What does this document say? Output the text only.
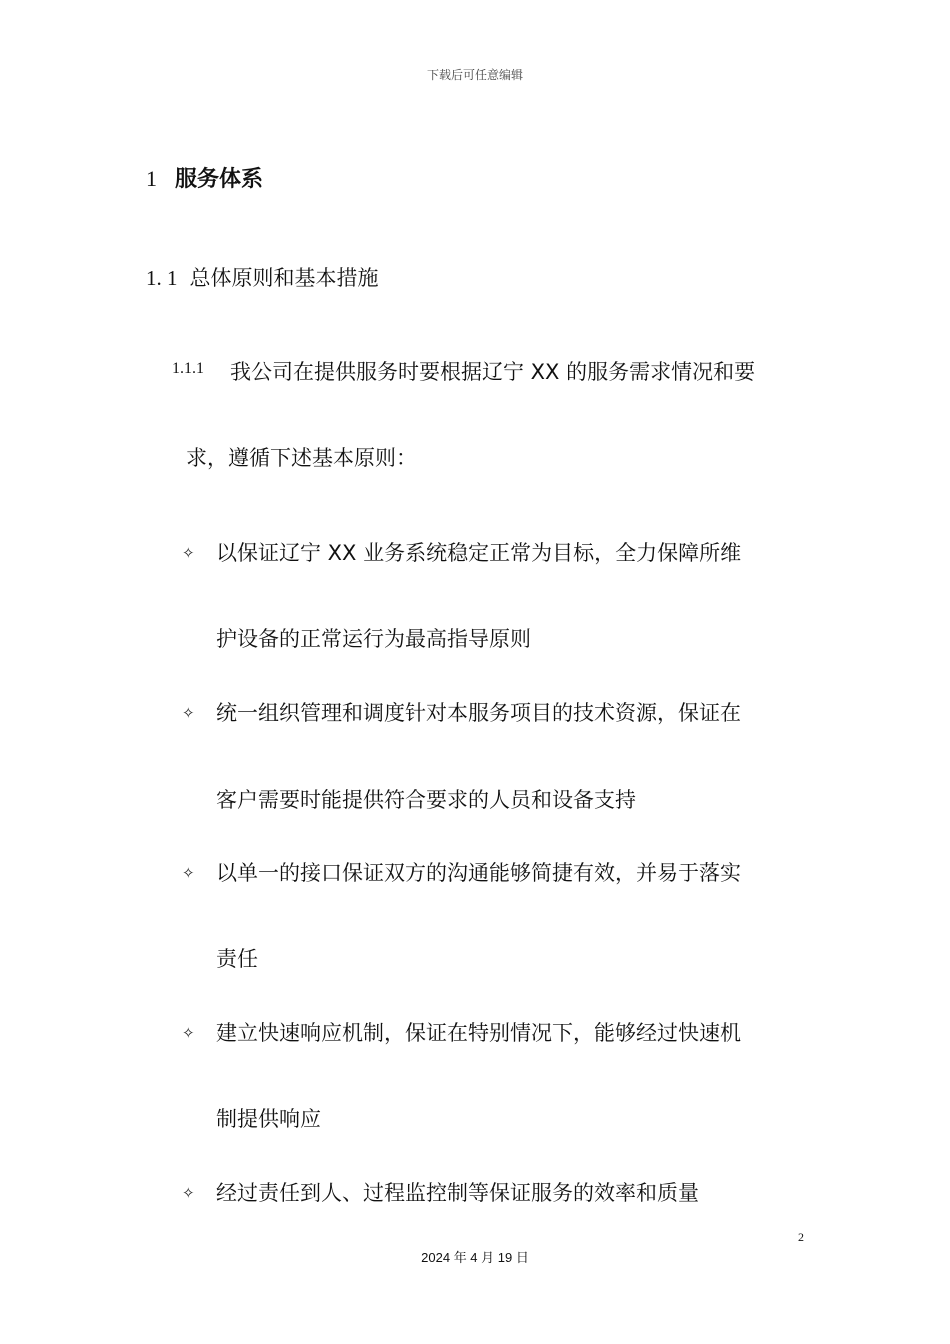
下载后可任意编辑
1 服务体系
1. 1 总体原则和基本措施
1.1.1 我公司在提供服务时要根据辽宁 XX 的服务需求情况和要
求，遵循下述基本原则：
✧ 以保证辽宁 XX 业务系统稳定正常为目标，全力保障所维
护设备的正常运行为最高指导原则
✧ 统一组织管理和调度针对本服务项目的技术资源，保证在
客户需要时能提供符合要求的人员和设备支持
✧ 以单一的接口保证双方的沟通能够简捷有效，并易于落实
责任
✧ 建立快速响应机制，保证在特别情况下，能够经过快速机
制提供响应
✧ 经过责任到人、过程监控制等保证服务的效率和质量
2
2024 年 4 月 19 日
